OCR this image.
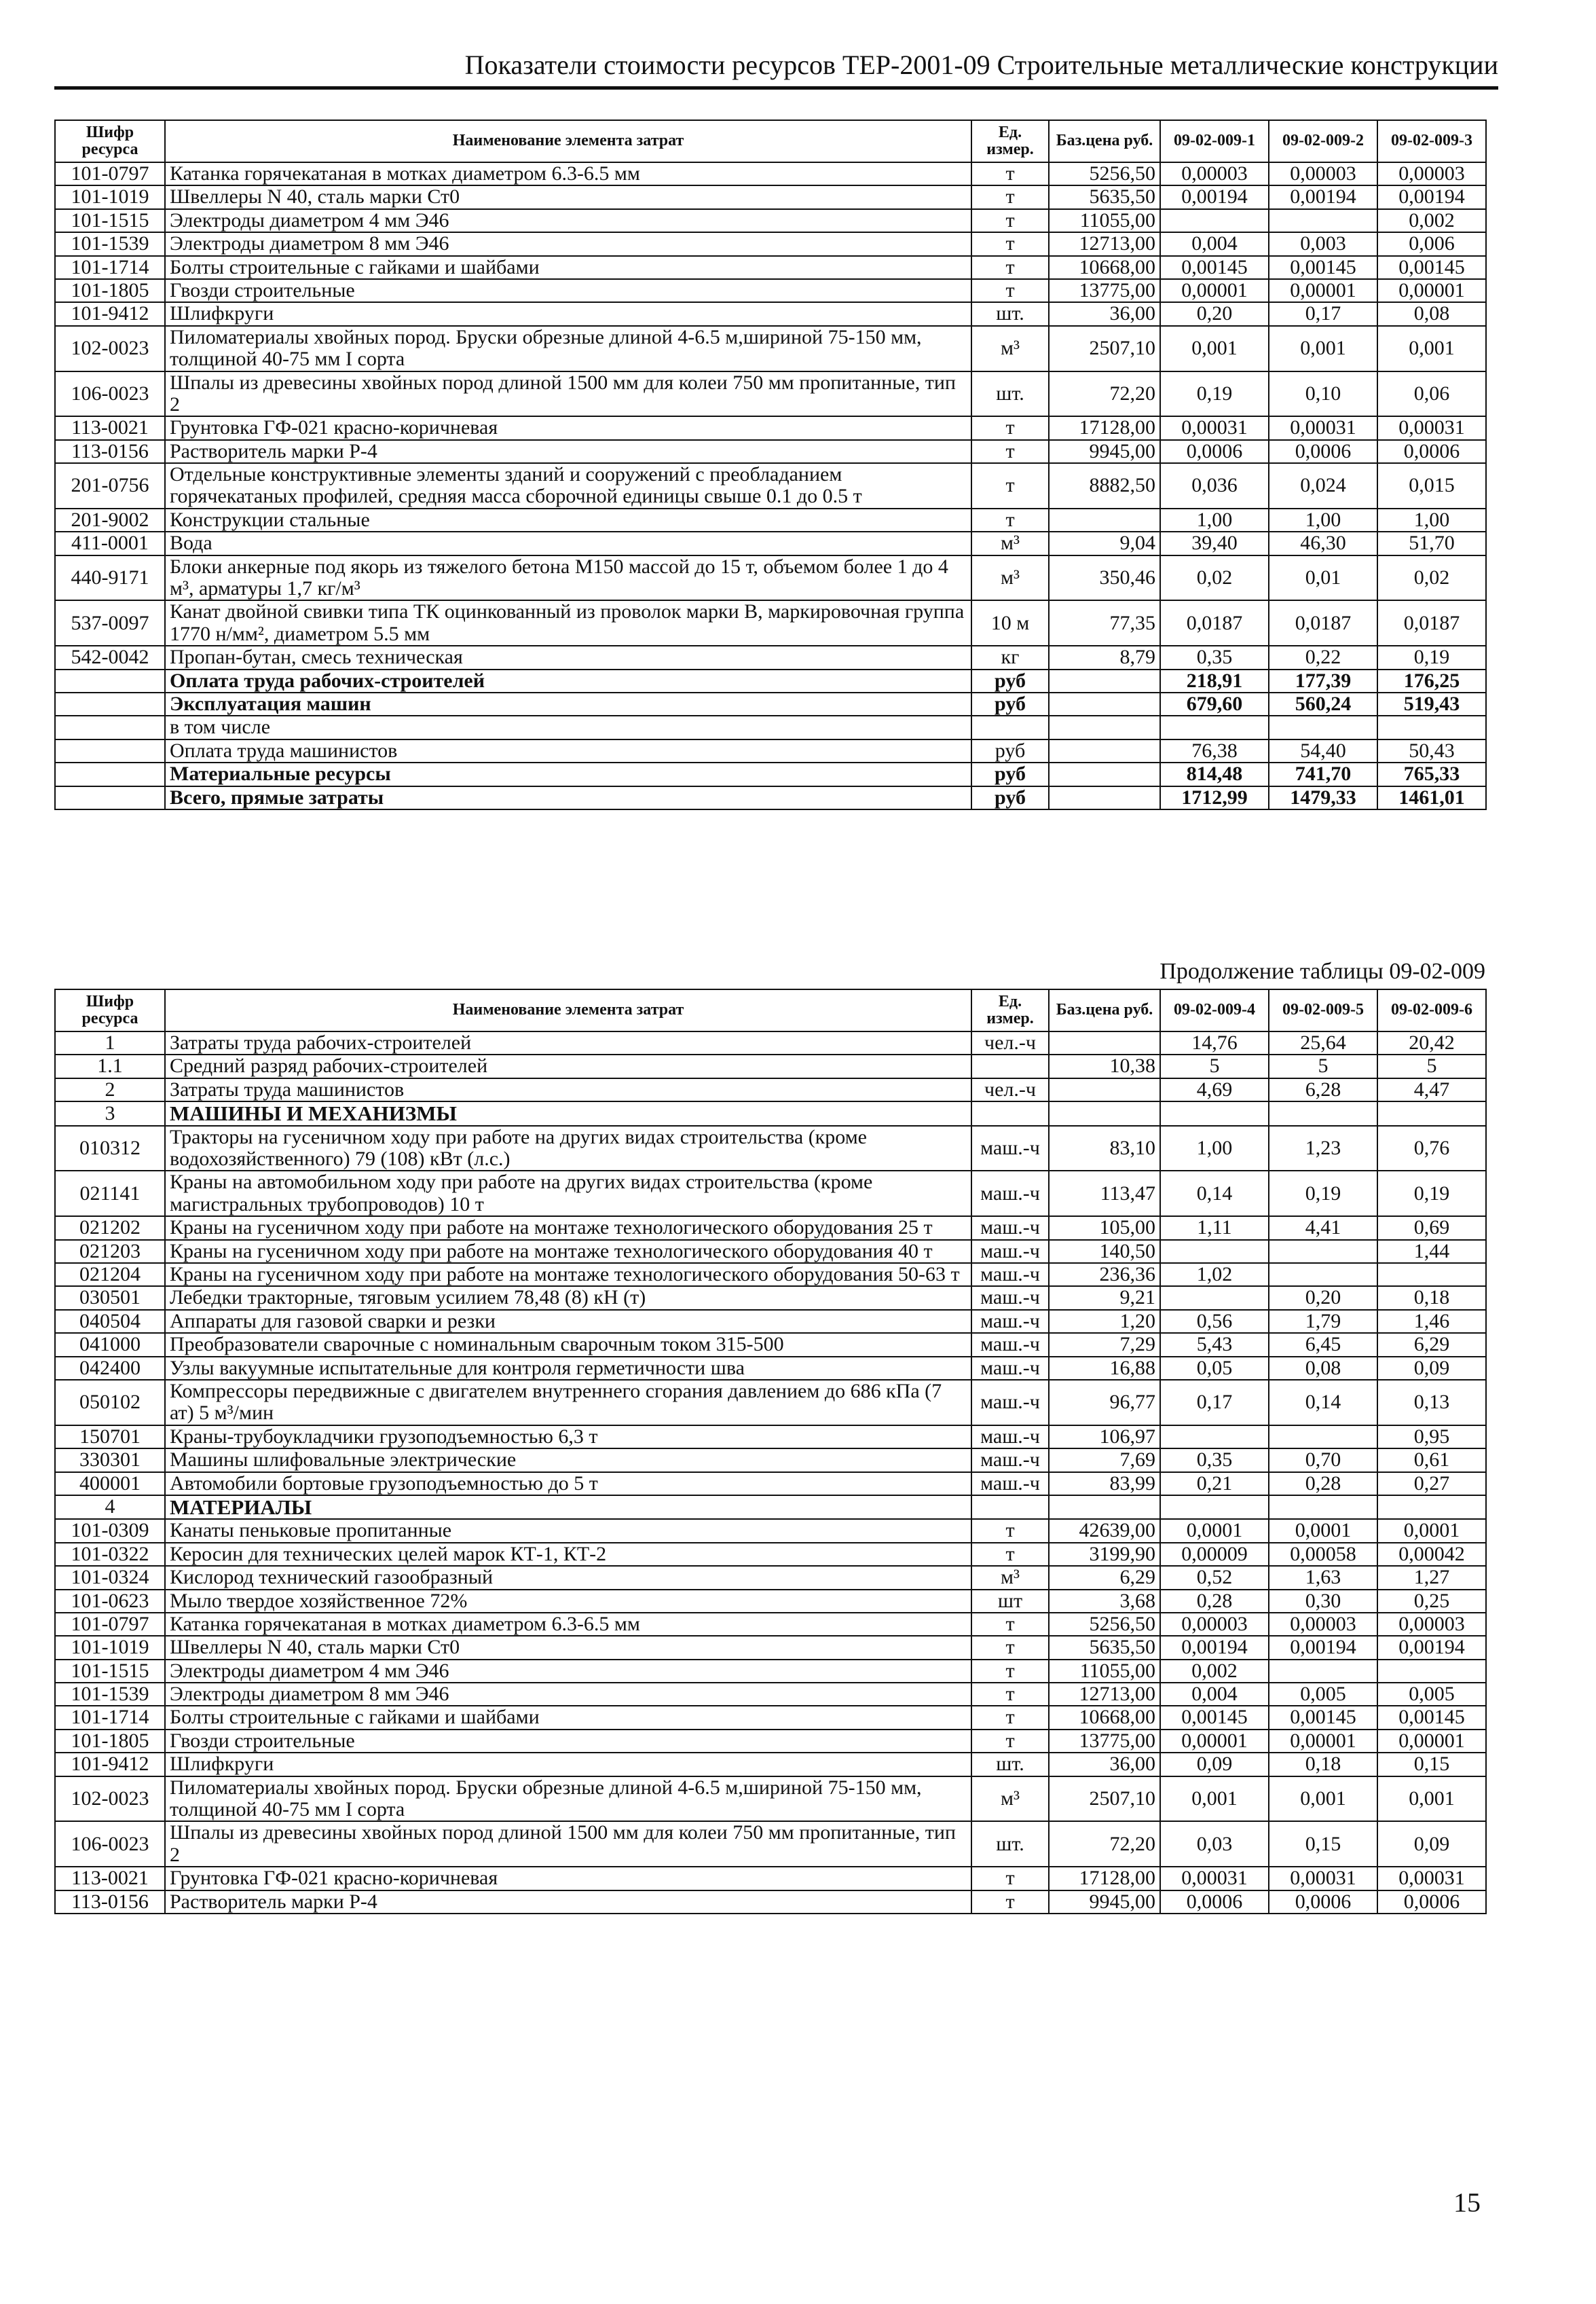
Показатели стоимости ресурсов ТЕР-2001-09 Строительные металлические конструкции
Шифр ресурса	Наименование элемента затрат	Ед. измер.	Баз.цена руб.	09-02-009-1	09-02-009-2	09-02-009-3
101-0797	Катанка горячекатаная в мотках диаметром 6.3-6.5 мм	т	5256,50	0,00003	0,00003	0,00003
101-1019	Швеллеры N 40, сталь марки Ст0	т	5635,50	0,00194	0,00194	0,00194
101-1515	Электроды диаметром 4 мм Э46	т	11055,00			0,002
101-1539	Электроды диаметром 8 мм Э46	т	12713,00	0,004	0,003	0,006
101-1714	Болты строительные с гайками и шайбами	т	10668,00	0,00145	0,00145	0,00145
101-1805	Гвозди строительные	т	13775,00	0,00001	0,00001	0,00001
101-9412	Шлифкруги	шт.	36,00	0,20	0,17	0,08
102-0023	Пиломатериалы хвойных пород. Бруски обрезные длиной 4-6.5 м,шириной 75-150 мм, толщиной 40-75 мм I сорта	м³	2507,10	0,001	0,001	0,001
106-0023	Шпалы из древесины хвойных пород длиной 1500 мм для колеи 750 мм пропитанные, тип 2	шт.	72,20	0,19	0,10	0,06
113-0021	Грунтовка ГФ-021 красно-коричневая	т	17128,00	0,00031	0,00031	0,00031
113-0156	Растворитель марки Р-4	т	9945,00	0,0006	0,0006	0,0006
201-0756	Отдельные конструктивные элементы зданий и сооружений с преобладанием горячекатаных профилей, средняя масса сборочной единицы свыше 0.1 до 0.5 т	т	8882,50	0,036	0,024	0,015
201-9002	Конструкции стальные	т		1,00	1,00	1,00
411-0001	Вода	м³	9,04	39,40	46,30	51,70
440-9171	Блоки анкерные под якорь из тяжелого бетона М150 массой до 15 т, объемом более 1 до 4 м³, арматуры 1,7 кг/м³	м³	350,46	0,02	0,01	0,02
537-0097	Канат двойной свивки типа ТК оцинкованный из проволок марки В, маркировочная группа 1770 н/мм², диаметром 5.5 мм	10 м	77,35	0,0187	0,0187	0,0187
542-0042	Пропан-бутан, смесь техническая	кг	8,79	0,35	0,22	0,19
	Оплата труда рабочих-строителей	руб		218,91	177,39	176,25
	Эксплуатация машин	руб		679,60	560,24	519,43
	в том числе					
	Оплата труда машинистов	руб		76,38	54,40	50,43
	Материальные ресурсы	руб		814,48	741,70	765,33
	Всего, прямые затраты	руб		1712,99	1479,33	1461,01
Продолжение таблицы 09-02-009
Шифр ресурса	Наименование элемента затрат	Ед. измер.	Баз.цена руб.	09-02-009-4	09-02-009-5	09-02-009-6
1	Затраты труда рабочих-строителей	чел.-ч		14,76	25,64	20,42
1.1	Средний разряд рабочих-строителей		10,38	5	5	5
2	Затраты труда машинистов	чел.-ч		4,69	6,28	4,47
3	МАШИНЫ И МЕХАНИЗМЫ					
010312	Тракторы на гусеничном ходу при работе на других видах строительства (кроме водохозяйственного) 79 (108) кВт (л.с.)	маш.-ч	83,10	1,00	1,23	0,76
021141	Краны на автомобильном ходу при работе на других видах строительства (кроме магистральных трубопроводов) 10 т	маш.-ч	113,47	0,14	0,19	0,19
021202	Краны на гусеничном ходу при работе на монтаже технологического оборудования 25 т	маш.-ч	105,00	1,11	4,41	0,69
021203	Краны на гусеничном ходу при работе на монтаже технологического оборудования 40 т	маш.-ч	140,50			1,44
021204	Краны на гусеничном ходу при работе на монтаже технологического оборудования 50-63 т	маш.-ч	236,36	1,02		
030501	Лебедки тракторные, тяговым усилием 78,48 (8) кН (т)	маш.-ч	9,21		0,20	0,18
040504	Аппараты для газовой сварки и резки	маш.-ч	1,20	0,56	1,79	1,46
041000	Преобразователи сварочные с номинальным сварочным током 315-500	маш.-ч	7,29	5,43	6,45	6,29
042400	Узлы вакуумные испытательные для контроля герметичности шва	маш.-ч	16,88	0,05	0,08	0,09
050102	Компрессоры передвижные с двигателем внутреннего сгорания давлением до 686 кПа (7 ат) 5 м³/мин	маш.-ч	96,77	0,17	0,14	0,13
150701	Краны-трубоукладчики грузоподъемностью 6,3 т	маш.-ч	106,97			0,95
330301	Машины шлифовальные электрические	маш.-ч	7,69	0,35	0,70	0,61
400001	Автомобили бортовые грузоподъемностью до 5 т	маш.-ч	83,99	0,21	0,28	0,27
4	МАТЕРИАЛЫ					
101-0309	Канаты пеньковые пропитанные	т	42639,00	0,0001	0,0001	0,0001
101-0322	Керосин для технических целей марок КТ-1, КТ-2	т	3199,90	0,00009	0,00058	0,00042
101-0324	Кислород технический газообразный	м³	6,29	0,52	1,63	1,27
101-0623	Мыло твердое хозяйственное 72%	шт	3,68	0,28	0,30	0,25
101-0797	Катанка горячекатаная в мотках диаметром 6.3-6.5 мм	т	5256,50	0,00003	0,00003	0,00003
101-1019	Швеллеры N 40, сталь марки Ст0	т	5635,50	0,00194	0,00194	0,00194
101-1515	Электроды диаметром 4 мм Э46	т	11055,00	0,002		
101-1539	Электроды диаметром 8 мм Э46	т	12713,00	0,004	0,005	0,005
101-1714	Болты строительные с гайками и шайбами	т	10668,00	0,00145	0,00145	0,00145
101-1805	Гвозди строительные	т	13775,00	0,00001	0,00001	0,00001
101-9412	Шлифкруги	шт.	36,00	0,09	0,18	0,15
102-0023	Пиломатериалы хвойных пород. Бруски обрезные длиной 4-6.5 м,шириной 75-150 мм, толщиной 40-75 мм I сорта	м³	2507,10	0,001	0,001	0,001
106-0023	Шпалы из древесины хвойных пород длиной 1500 мм для колеи 750 мм пропитанные, тип 2	шт.	72,20	0,03	0,15	0,09
113-0021	Грунтовка ГФ-021 красно-коричневая	т	17128,00	0,00031	0,00031	0,00031
113-0156	Растворитель марки Р-4	т	9945,00	0,0006	0,0006	0,0006
15
